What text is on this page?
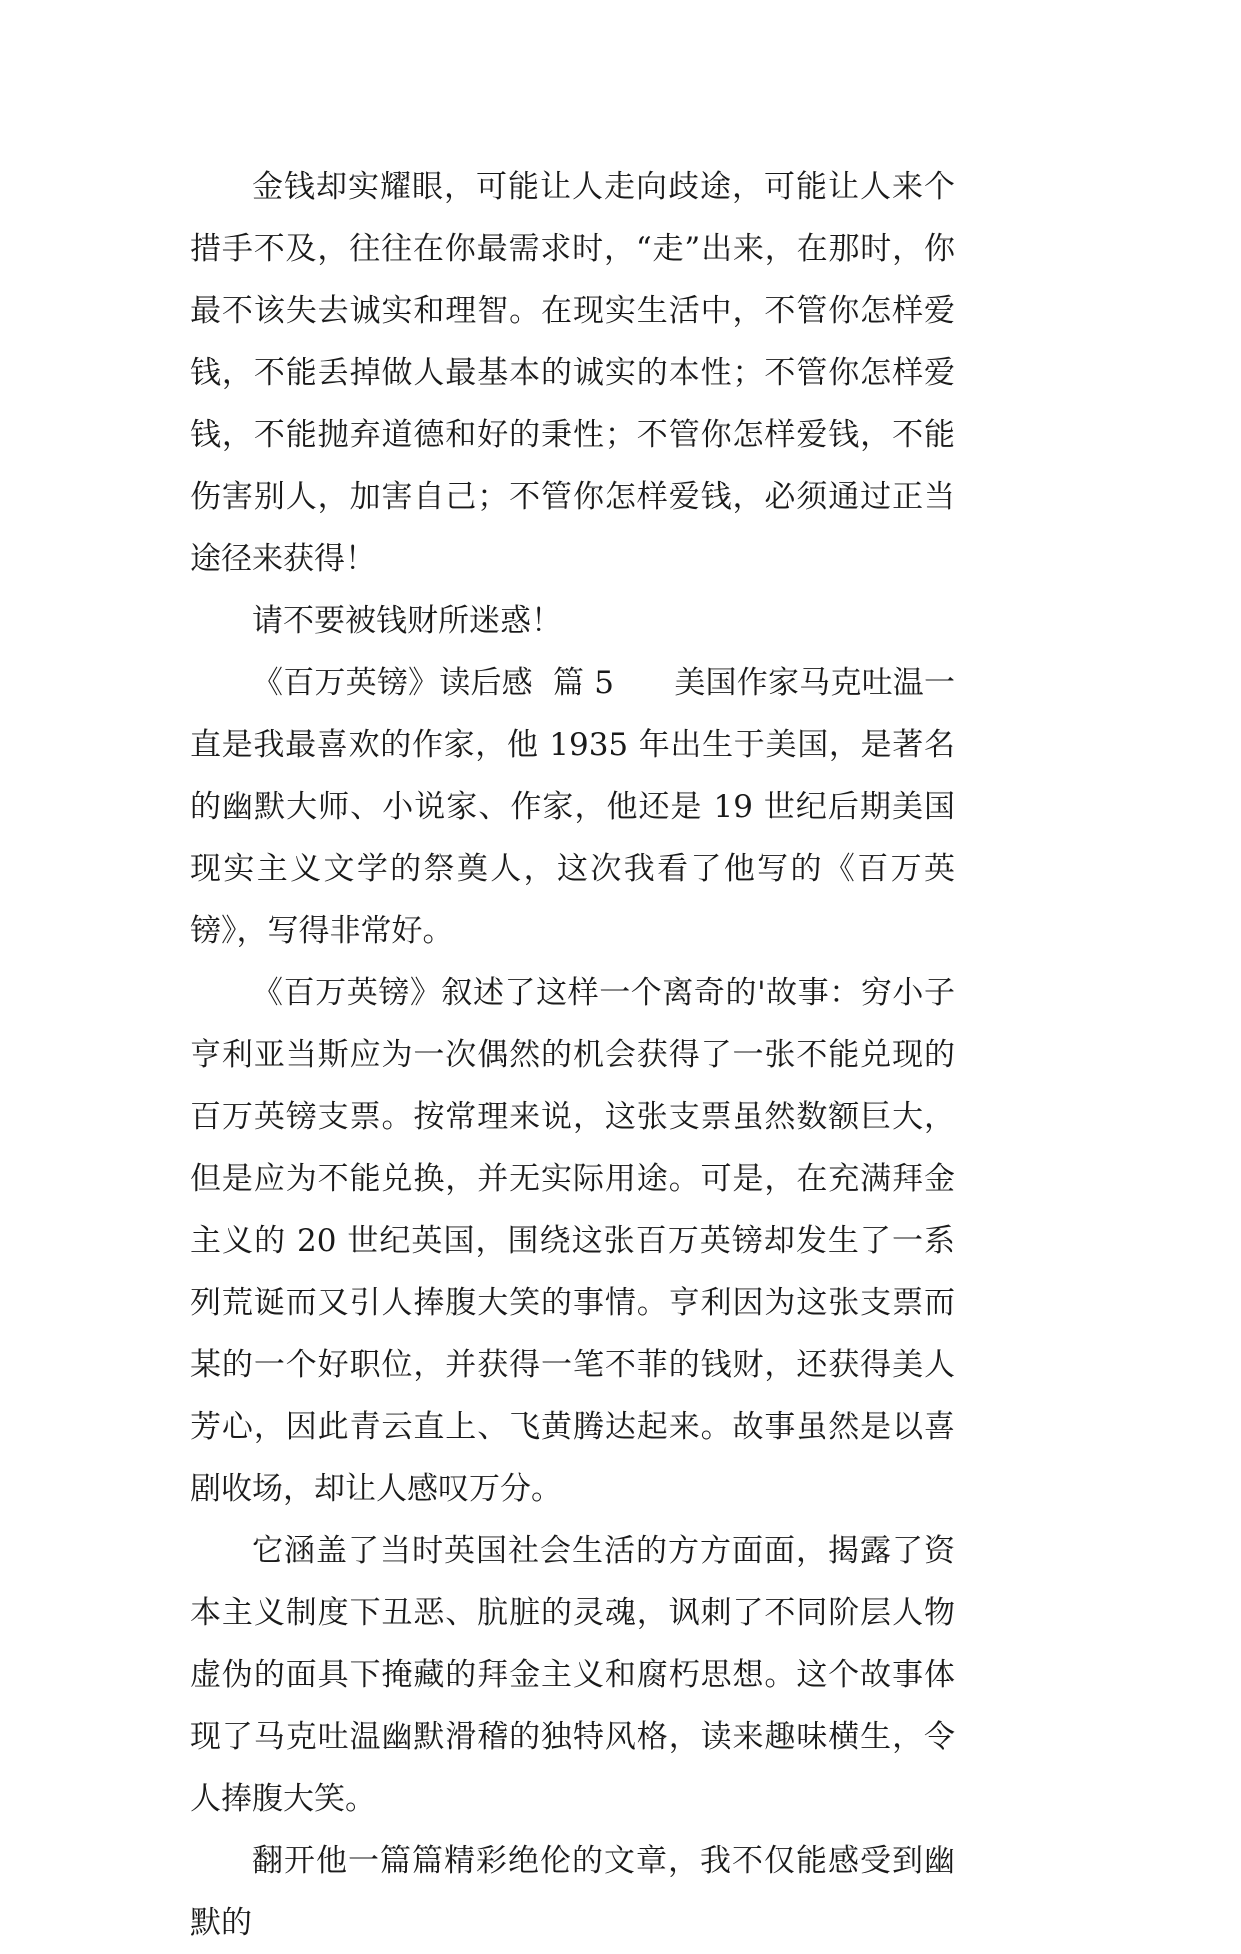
金钱却实耀眼，可能让人走向歧途，可能让人来个措手不及，往往在你最需求时，“走”出来，在那时，你最不该失去诚实和理智。在现实生活中，不管你怎样爱钱，不能丢掉做人最基本的诚实的本性；不管你怎样爱钱，不能抛弃道德和好的秉性；不管你怎样爱钱，不能伤害别人，加害自己；不管你怎样爱钱，必须通过正当途径来获得！

请不要被钱财所迷惑！

《百万英镑》读后感  篇 5      美国作家马克吐温一直是我最喜欢的作家，他 1935 年出生于美国，是著名的幽默大师、小说家、作家，他还是 19 世纪后期美国现实主义文学的祭奠人，这次我看了他写的《百万英镑》，写得非常好。

《百万英镑》叙述了这样一个离奇的'故事：穷小子亨利亚当斯应为一次偶然的机会获得了一张不能兑现的百万英镑支票。按常理来说，这张支票虽然数额巨大，但是应为不能兑换，并无实际用途。可是，在充满拜金主义的 20 世纪英国，围绕这张百万英镑却发生了一系列荒诞而又引人捧腹大笑的事情。亨利因为这张支票而某的一个好职位，并获得一笔不菲的钱财，还获得美人芳心，因此青云直上、飞黄腾达起来。故事虽然是以喜剧收场，却让人感叹万分。

它涵盖了当时英国社会生活的方方面面，揭露了资本主义制度下丑恶、肮脏的灵魂，讽刺了不同阶层人物虚伪的面具下掩藏的拜金主义和腐朽思想。这个故事体现了马克吐温幽默滑稽的独特风格，读来趣味横生，令人捧腹大笑。

翻开他一篇篇精彩绝伦的文章，我不仅能感受到幽默的
